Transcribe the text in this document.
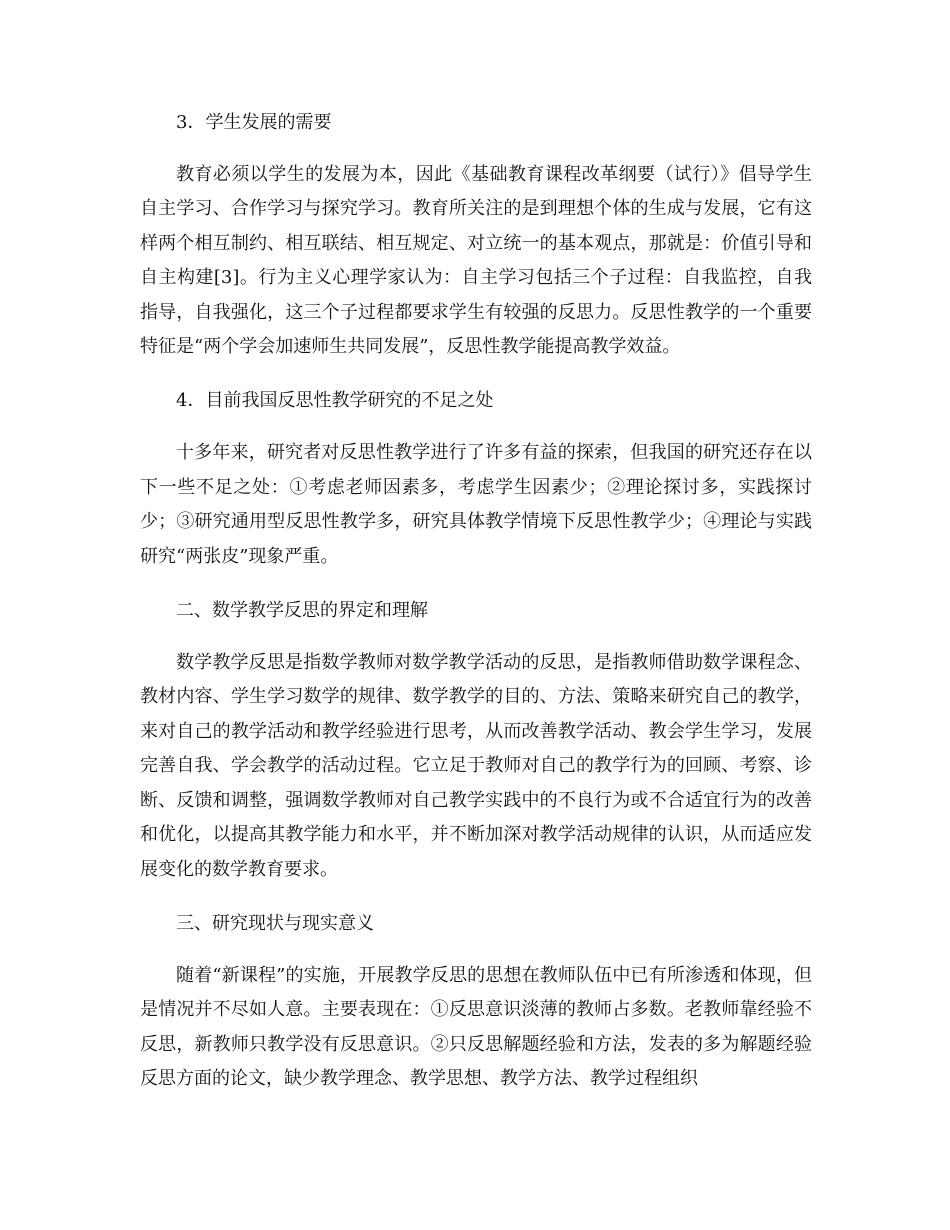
3．学生发展的需要

教育必须以学生的发展为本，因此《基础教育课程改革纲要（试行）》倡导学生自主学习、合作学习与探究学习。教育所关注的是到理想个体的生成与发展，它有这样两个相互制约、相互联结、相互规定、对立统一的基本观点，那就是：价值引导和自主构建[3]。行为主义心理学家认为：自主学习包括三个子过程：自我监控，自我指导，自我强化，这三个子过程都要求学生有较强的反思力。反思性教学的一个重要特征是“两个学会加速师生共同发展”，反思性教学能提高教学效益。

4．目前我国反思性教学研究的不足之处

十多年来，研究者对反思性教学进行了许多有益的探索，但我国的研究还存在以下一些不足之处：①考虑老师因素多，考虑学生因素少；②理论探讨多，实践探讨少；③研究通用型反思性教学多，研究具体教学情境下反思性教学少；④理论与实践研究“两张皮”现象严重。

二、数学教学反思的界定和理解

数学教学反思是指数学教师对数学教学活动的反思，是指教师借助数学课程念、教材内容、学生学习数学的规律、数学教学的目的、方法、策略来研究自己的教学，来对自己的教学活动和教学经验进行思考，从而改善教学活动、教会学生学习，发展完善自我、学会教学的活动过程。它立足于教师对自己的教学行为的回顾、考察、诊断、反馈和调整，强调数学教师对自己教学实践中的不良行为或不合适宜行为的改善和优化，以提高其教学能力和水平，并不断加深对教学活动规律的认识，从而适应发展变化的数学教育要求。

三、研究现状与现实意义

随着“新课程”的实施，开展教学反思的思想在教师队伍中已有所渗透和体现，但是情况并不尽如人意。主要表现在：①反思意识淡薄的教师占多数。老教师靠经验不反思，新教师只教学没有反思意识。②只反思解题经验和方法，发表的多为解题经验反思方面的论文，缺少教学理念、教学思想、教学方法、教学过程组织
